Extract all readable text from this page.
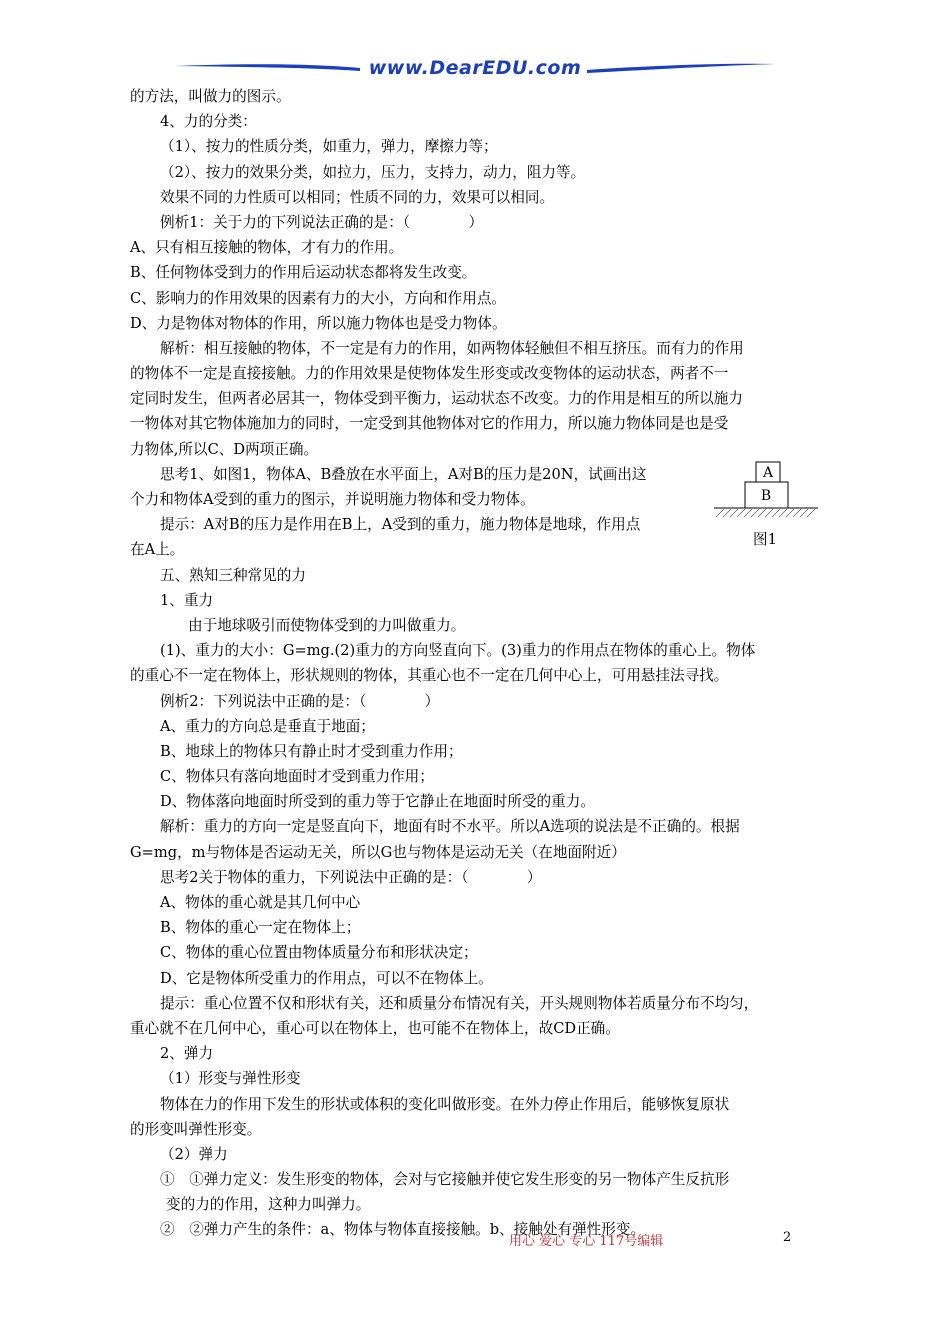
www.DearEDU.com
的方法，叫做力的图示。
4、力的分类：
（1）、按力的性质分类，如重力，弹力，摩擦力等；
（2）、按力的效果分类，如拉力，压力，支持力，动力，阻力等。
效果不同的力性质可以相同；性质不同的力，效果可以相同。
例析1：关于力的下列说法正确的是：（　　　　）
A、只有相互接触的物体，才有力的作用。
B、任何物体受到力的作用后运动状态都将发生改变。
C、影响力的作用效果的因素有力的大小，方向和作用点。
D、力是物体对物体的作用，所以施力物体也是受力物体。
解析：相互接触的物体，不一定是有力的作用，如两物体轻触但不相互挤压。而有力的作用
的物体不一定是直接接触。力的作用效果是使物体发生形变或改变物体的运动状态，两者不一
定同时发生，但两者必居其一，物体受到平衡力，运动状态不改变。力的作用是相互的所以施力
一物体对其它物体施加力的同时，一定受到其他物体对它的作用力，所以施力物体同是也是受
力物体,所以C、D两项正确。
思考1、如图1，物体A、B叠放在水平面上，A对B的压力是20N，试画出这
个力和物体A受到的重力的图示，并说明施力物体和受力物体。
提示：A对B的压力是作用在B上，A受到的重力，施力物体是地球，作用点
在A上。
五、熟知三种常见的力
1、重力
由于地球吸引而使物体受到的力叫做重力。
(1)、重力的大小：G=mg.(2)重力的方向竖直向下。(3)重力的作用点在物体的重心上。物体
的重心不一定在物体上，形状规则的物体，其重心也不一定在几何中心上，可用悬挂法寻找。
例析2：下列说法中正确的是：（　　　　）
A、重力的方向总是垂直于地面；
B、地球上的物体只有静止时才受到重力作用；
C、物体只有落向地面时才受到重力作用；
D、物体落向地面时所受到的重力等于它静止在地面时所受的重力。
解析：重力的方向一定是竖直向下，地面有时不水平。所以A选项的说法是不正确的。根据
G=mg，m与物体是否运动无关，所以G也与物体是运动无关（在地面附近）
思考2关于物体的重力，下列说法中正确的是：（　　　　）
A、物体的重心就是其几何中心
B、物体的重心一定在物体上；
C、物体的重心位置由物体质量分布和形状决定；
D、它是物体所受重力的作用点，可以不在物体上。
提示：重心位置不仅和形状有关，还和质量分布情况有关，开头规则物体若质量分布不均匀，
重心就不在几何中心，重心可以在物体上，也可能不在物体上，故CD正确。
2、弹力
（1）形变与弹性形变
物体在力的作用下发生的形状或体积的变化叫做形变。在外力停止作用后，能够恢复原状
的形变叫弹性形变。
（2）弹力
①　①弹力定义：发生形变的物体，会对与它接触并使它发生形变的另一物体产生反抗形
变的力的作用，这种力叫弹力。
②　②弹力产生的条件：a、物体与物体直接接触。b、接触处有弹性形变。
A
B
图1
用心 爱心 专心 117号编辑	2
